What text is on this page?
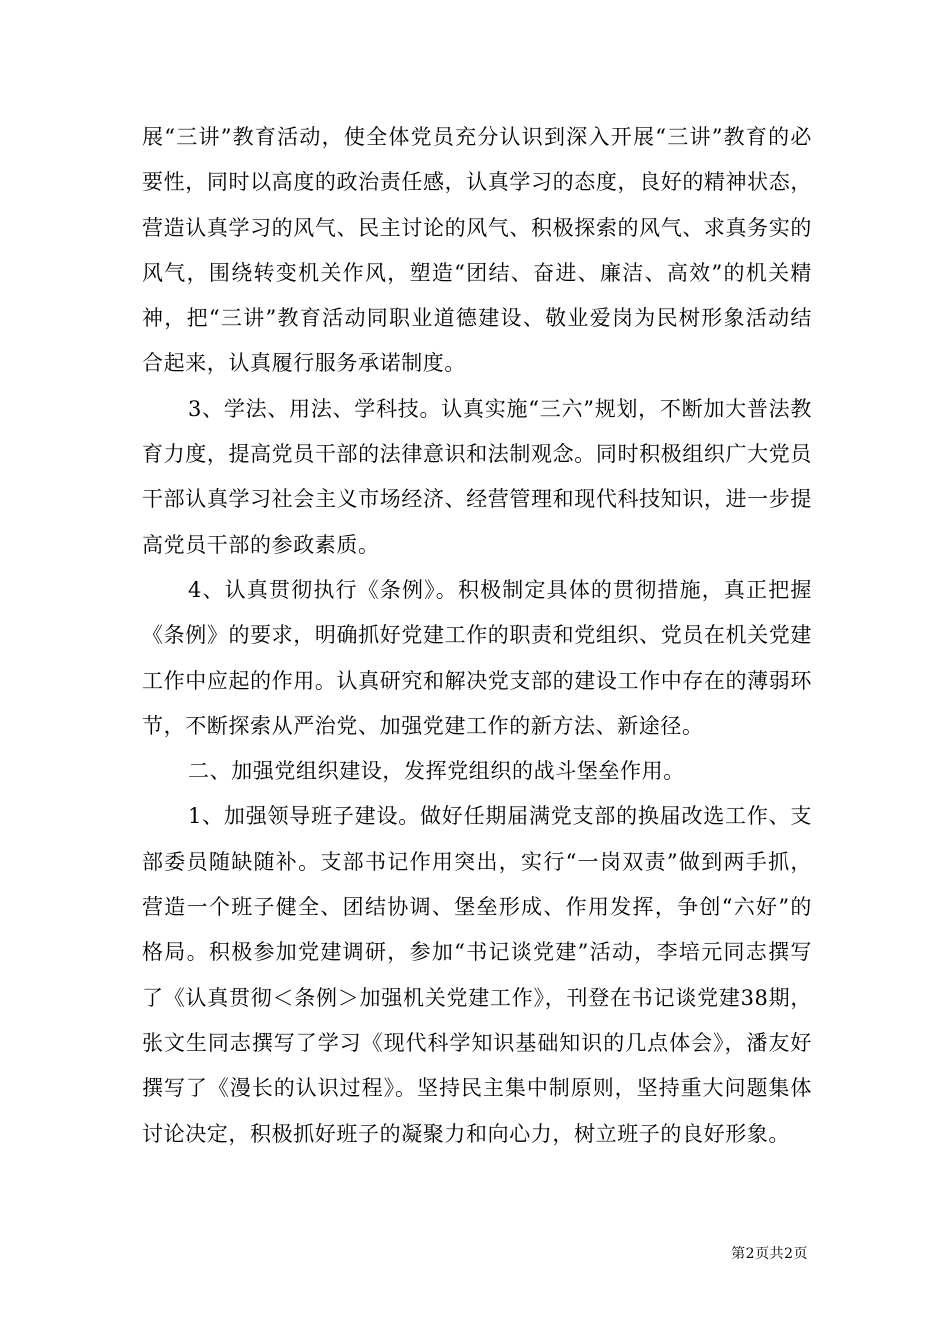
展“三讲”教育活动，使全体党员充分认识到深入开展“三讲”教育的必要性，同时以高度的政治责任感，认真学习的态度，良好的精神状态，营造认真学习的风气、民主讨论的风气、积极探索的风气、求真务实的风气，围绕转变机关作风，塑造“团结、奋进、廉洁、高效”的机关精神，把“三讲”教育活动同职业道德建设、敬业爱岗为民树形象活动结合起来，认真履行服务承诺制度。

3、学法、用法、学科技。认真实施“三六”规划，不断加大普法教育力度，提高党员干部的法律意识和法制观念。同时积极组织广大党员干部认真学习社会主义市场经济、经营管理和现代科技知识，进一步提高党员干部的参政素质。

4、认真贯彻执行《条例》。积极制定具体的贯彻措施，真正把握《条例》的要求，明确抓好党建工作的职责和党组织、党员在机关党建工作中应起的作用。认真研究和解决党支部的建设工作中存在的薄弱环节，不断探索从严治党、加强党建工作的新方法、新途径。

二、加强党组织建设，发挥党组织的战斗堡垒作用。

1、加强领导班子建设。做好任期届满党支部的换届改选工作、支部委员随缺随补。支部书记作用突出，实行“一岗双责”做到两手抓，营造一个班子健全、团结协调、堡垒形成、作用发挥，争创“六好”的格局。积极参加党建调研，参加“书记谈党建”活动，李培元同志撰写了《认真贯彻＜条例＞加强机关党建工作》，刊登在书记谈党建38期，张文生同志撰写了学习《现代科学知识基础知识的几点体会》，潘友好撰写了《漫长的认识过程》。坚持民主集中制原则，坚持重大问题集体讨论决定，积极抓好班子的凝聚力和向心力，树立班子的良好形象。

第2页共2页
